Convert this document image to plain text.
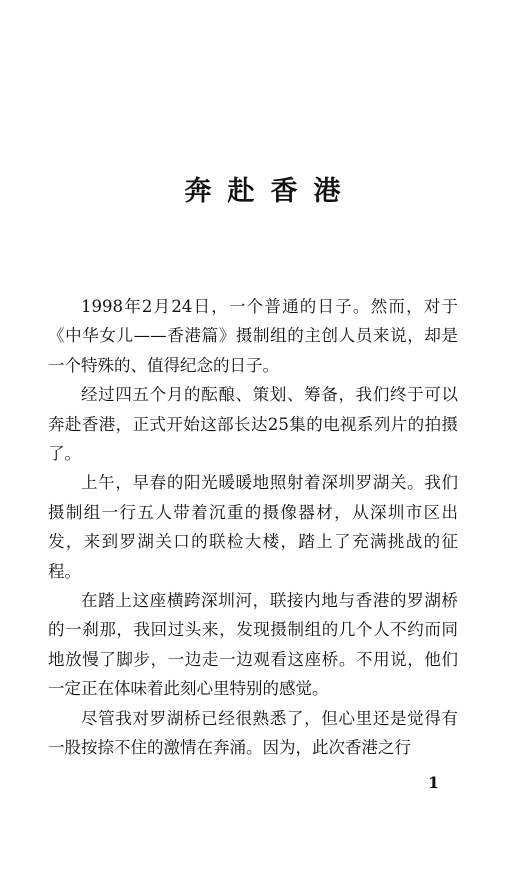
奔赴香港

1998年2月24日，一个普通的日子。然而，对于《中华女儿——香港篇》摄制组的主创人员来说，却是一个特殊的、值得纪念的日子。

经过四五个月的酝酿、策划、筹备，我们终于可以奔赴香港，正式开始这部长达25集的电视系列片的拍摄了。

上午，早春的阳光暖暖地照射着深圳罗湖关。我们摄制组一行五人带着沉重的摄像器材，从深圳市区出发，来到罗湖关口的联检大楼，踏上了充满挑战的征程。

在踏上这座横跨深圳河，联接内地与香港的罗湖桥的一刹那，我回过头来，发现摄制组的几个人不约而同地放慢了脚步，一边走一边观看这座桥。不用说，他们一定正在体味着此刻心里特别的感觉。

尽管我对罗湖桥已经很熟悉了，但心里还是觉得有一股按捺不住的激情在奔涌。因为，此次香港之行

1
